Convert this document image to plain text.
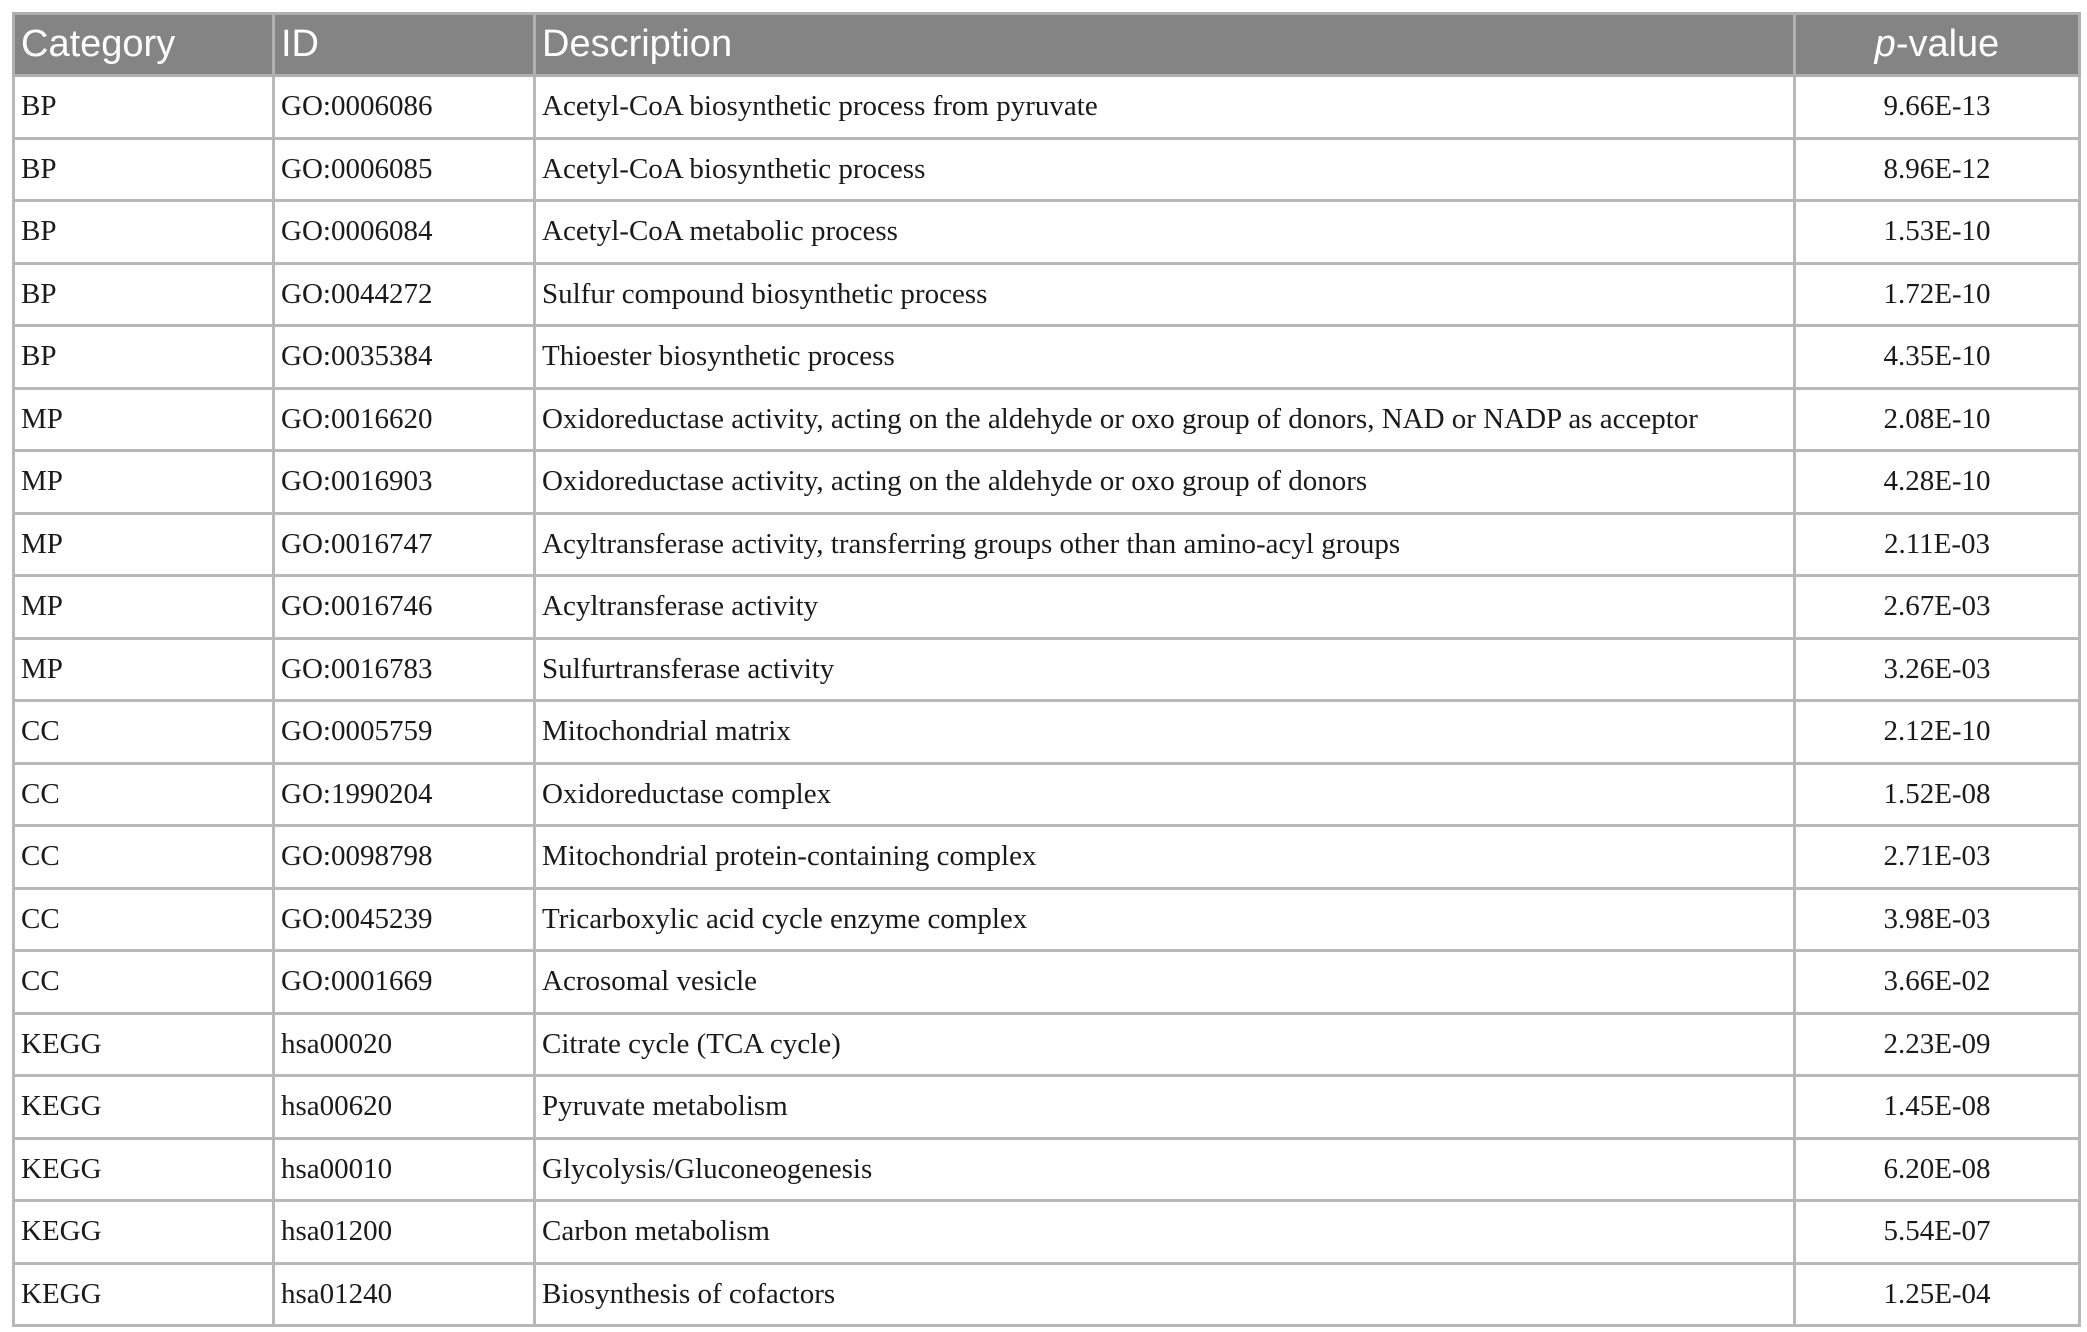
Category	ID	Description	p-value
BP	GO:0006086	Acetyl-CoA biosynthetic process from pyruvate	9.66E-13
BP	GO:0006085	Acetyl-CoA biosynthetic process	8.96E-12
BP	GO:0006084	Acetyl-CoA metabolic process	1.53E-10
BP	GO:0044272	Sulfur compound biosynthetic process	1.72E-10
BP	GO:0035384	Thioester biosynthetic process	4.35E-10
MP	GO:0016620	Oxidoreductase activity, acting on the aldehyde or oxo group of donors, NAD or NADP as acceptor	2.08E-10
MP	GO:0016903	Oxidoreductase activity, acting on the aldehyde or oxo group of donors	4.28E-10
MP	GO:0016747	Acyltransferase activity, transferring groups other than amino-acyl groups	2.11E-03
MP	GO:0016746	Acyltransferase activity	2.67E-03
MP	GO:0016783	Sulfurtransferase activity	3.26E-03
CC	GO:0005759	Mitochondrial matrix	2.12E-10
CC	GO:1990204	Oxidoreductase complex	1.52E-08
CC	GO:0098798	Mitochondrial protein-containing complex	2.71E-03
CC	GO:0045239	Tricarboxylic acid cycle enzyme complex	3.98E-03
CC	GO:0001669	Acrosomal vesicle	3.66E-02
KEGG	hsa00020	Citrate cycle (TCA cycle)	2.23E-09
KEGG	hsa00620	Pyruvate metabolism	1.45E-08
KEGG	hsa00010	Glycolysis/Gluconeogenesis	6.20E-08
KEGG	hsa01200	Carbon metabolism	5.54E-07
KEGG	hsa01240	Biosynthesis of cofactors	1.25E-04
